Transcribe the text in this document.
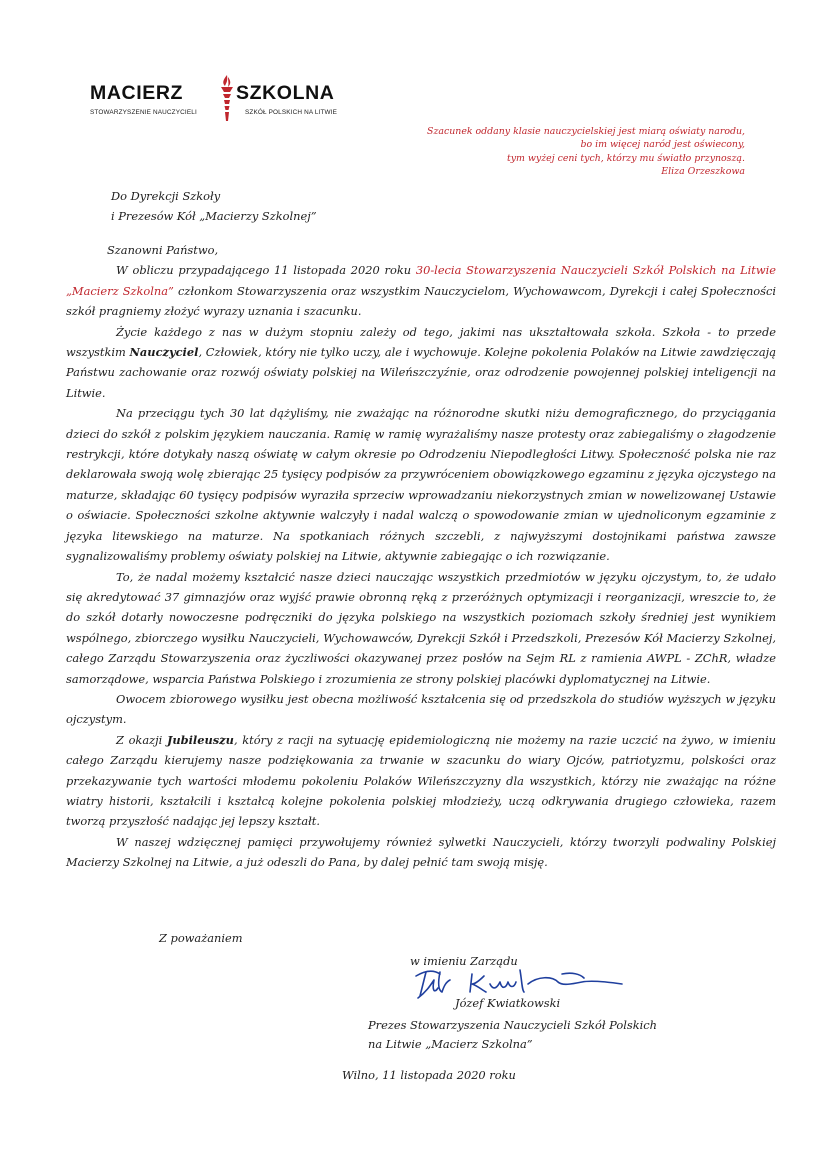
MACIERZ	SZKOLNA
STOWARZYSZENIE NAUCZYCIELI	SZKÓŁ POLSKICH NA LITWIE
Szacunek oddany klasie nauczycielskiej jest miarą oświaty narodu,
bo im więcej naród jest oświecony,
tym wyżej ceni tych, którzy mu światło przynoszą.
Eliza Orzeszkowa
Do Dyrekcji Szkoły
i Prezesów Kół „Macierzy Szkolnej”
Szanowni Państwo,

W obliczu przypadającego 11 listopada 2020 roku 30-lecia Stowarzyszenia Nauczycieli Szkół Polskich na Litwie „Macierz Szkolna” członkom Stowarzyszenia oraz wszystkim Nauczycielom, Wychowawcom, Dyrekcji i całej Społeczności szkół pragniemy złożyć wyrazy uznania i szacunku.

Życie każdego z nas w dużym stopniu zależy od tego, jakimi nas ukształtowała szkoła. Szkoła - to przede wszystkim Nauczyciel, Człowiek, który nie tylko uczy, ale i wychowuje. Kolejne pokolenia Polaków na Litwie zawdzięczają Państwu zachowanie oraz rozwój oświaty polskiej na Wileńszczyźnie, oraz odrodzenie powojennej polskiej inteligencji na Litwie.

Na przeciągu tych 30 lat dążyliśmy, nie zważając na różnorodne skutki niżu demograficznego, do przyciągania dzieci do szkół z polskim językiem nauczania. Ramię w ramię wyrażaliśmy nasze protesty oraz zabiegaliśmy o złagodzenie restrykcji, które dotykały naszą oświatę w całym okresie po Odrodzeniu Niepodległości Litwy. Społeczność polska nie raz deklarowała swoją wolę zbierając 25 tysięcy podpisów za przywróceniem obowiązkowego egzaminu z języka ojczystego na maturze, składając 60 tysięcy podpisów wyraziła sprzeciw wprowadzaniu niekorzystnych zmian w nowelizowanej Ustawie o oświacie. Społeczności szkolne aktywnie walczyły i nadal walczą o spowodowanie zmian w ujednoliconym egzaminie z języka litewskiego na maturze. Na spotkaniach różnych szczebli, z najwyższymi dostojnikami państwa zawsze sygnalizowaliśmy problemy oświaty polskiej na Litwie, aktywnie zabiegając o ich rozwiązanie.

To, że nadal możemy kształcić nasze dzieci nauczając wszystkich przedmiotów w języku ojczystym, to, że udało się akredytować 37 gimnazjów oraz wyjść prawie obronną ręką z przeróżnych optymizacji i reorganizacji, wreszcie to, że do szkół dotarły nowoczesne podręczniki do języka polskiego na wszystkich poziomach szkoły średniej jest wynikiem wspólnego, zbiorczego wysiłku Nauczycieli, Wychowawców, Dyrekcji Szkół i Przedszkoli, Prezesów Kół Macierzy Szkolnej, całego Zarządu Stowarzyszenia oraz życzliwości okazywanej przez posłów na Sejm RL z ramienia AWPL - ZChR, władze samorządowe, wsparcia Państwa Polskiego i zrozumienia ze strony polskiej placówki dyplomatycznej na Litwie.

Owocem zbiorowego wysiłku jest obecna możliwość kształcenia się od przedszkola do studiów wyższych w języku ojczystym.

Z okazji Jubileuszu, który z racji na sytuację epidemiologiczną nie możemy na razie uczcić na żywo, w imieniu całego Zarządu kierujemy nasze podziękowania za trwanie w szacunku do wiary Ojców, patriotyzmu, polskości oraz przekazywanie tych wartości młodemu pokoleniu Polaków Wileńszczyzny dla wszystkich, którzy nie zważając na różne wiatry historii, kształcili i kształcą kolejne pokolenia polskiej młodzieży, uczą odkrywania drugiego człowieka, razem tworzą przyszłość nadając jej lepszy kształt.

W naszej wdzięcznej pamięci przywołujemy również sylwetki Nauczycieli, którzy tworzyli podwaliny Polskiej Macierzy Szkolnej na Litwie, a już odeszli do Pana, by dalej pełnić tam swoją misję.

Z poważaniem
w imieniu Zarządu
Józef Kwiatkowski
Prezes Stowarzyszenia Nauczycieli Szkół Polskich
na Litwie „Macierz Szkolna”
Wilno, 11 listopada 2020 roku
